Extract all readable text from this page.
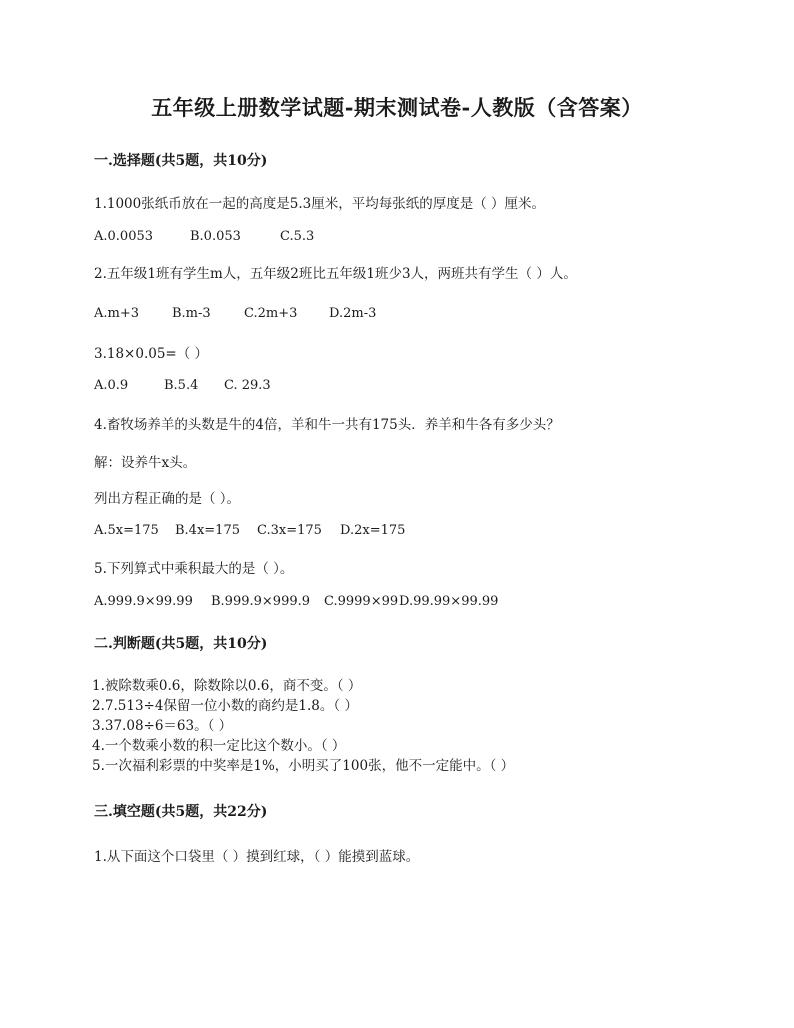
五年级上册数学试题-期末测试卷-人教版（含答案）
一.选择题(共5题，共10分)
1.1000张纸币放在一起的高度是5.3厘米，平均每张纸的厚度是（ ）厘米。
A.0.0053	B.0.053	C.5.3
2.五年级1班有学生m人，五年级2班比五年级1班少3人，两班共有学生（ ）人。
A.m+3	B.m-3	C.2m+3	D.2m-3
3.18×0.05=（ ）
A.0.9	B.5.4	C. 29.3
4.畜牧场养羊的头数是牛的4倍，羊和牛一共有175头．养羊和牛各有多少头？
解：设养牛x头。
列出方程正确的是（ ）。
A.5x=175	B.4x=175	C.3x=175	D.2x=175
5.下列算式中乘积最大的是（ ）。
A.999.9×99.99	B.999.9×999.9	C.9999×99 D.99.99×99.99
二.判断题(共5题，共10分)
1.被除数乘0.6，除数除以0.6，商不变。（ ）
2.7.513÷4保留一位小数的商约是1.8。（ ）
3.37.08÷6＝63。（ ）
4.一个数乘小数的积一定比这个数小。（ ）
5.一次福利彩票的中奖率是1%，小明买了100张，他不一定能中。（ ）
三.填空题(共5题，共22分)
1.从下面这个口袋里（ ）摸到红球，（ ）能摸到蓝球。
